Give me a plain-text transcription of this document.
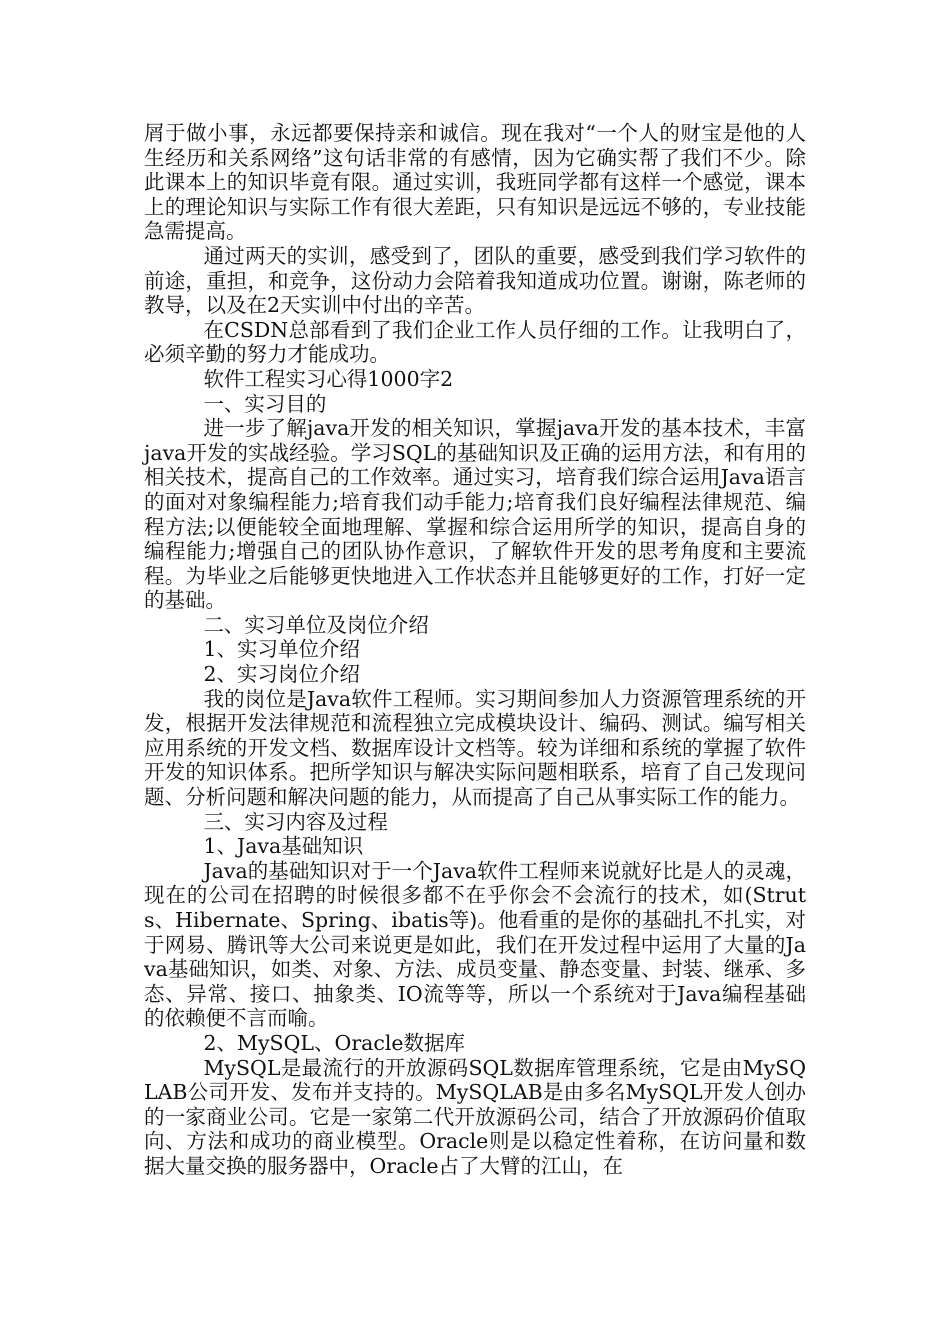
屑于做小事，永远都要保持亲和诚信。现在我对“一个人的财宝是他的人生经历和关系网络”这句话非常的有感情，因为它确实帮了我们不少。除此课本上的知识毕竟有限。通过实训，我班同学都有这样一个感觉，课本上的理论知识与实际工作有很大差距，只有知识是远远不够的，专业技能急需提高。

通过两天的实训，感受到了，团队的重要，感受到我们学习软件的前途，重担，和竞争，这份动力会陪着我知道成功位置。谢谢，陈老师的教导，以及在2天实训中付出的辛苦。

在CSDN总部看到了我们企业工作人员仔细的工作。让我明白了，必须辛勤的努力才能成功。

软件工程实习心得1000字2

一、实习目的

进一步了解java开发的相关知识，掌握java开发的基本技术，丰富java开发的实战经验。学习SQL的基础知识及正确的运用方法，和有用的相关技术，提高自己的工作效率。通过实习，培育我们综合运用Java语言的面对对象编程能力;培育我们动手能力;培育我们良好编程法律规范、编程方法;以便能较全面地理解、掌握和综合运用所学的知识，提高自身的编程能力;增强自己的团队协作意识，了解软件开发的思考角度和主要流程。为毕业之后能够更快地进入工作状态并且能够更好的工作，打好一定的基础。

二、实习单位及岗位介绍

1、实习单位介绍

2、实习岗位介绍

我的岗位是Java软件工程师。实习期间参加人力资源管理系统的开发，根据开发法律规范和流程独立完成模块设计、编码、测试。编写相关应用系统的开发文档、数据库设计文档等。较为详细和系统的掌握了软件开发的知识体系。把所学知识与解决实际问题相联系，培育了自己发现问题、分析问题和解决问题的能力，从而提高了自己从事实际工作的能力。

三、实习内容及过程

1、Java基础知识

Java的基础知识对于一个Java软件工程师来说就好比是人的灵魂，现在的公司在招聘的时候很多都不在乎你会不会流行的技术，如(Struts、Hibernate、Spring、ibatis等)。他看重的是你的基础扎不扎实，对于网易、腾讯等大公司来说更是如此，我们在开发过程中运用了大量的Java基础知识，如类、对象、方法、成员变量、静态变量、封装、继承、多态、异常、接口、抽象类、IO流等等，所以一个系统对于Java编程基础的依赖便不言而喻。

2、MySQL、Oracle数据库

MySQL是最流行的开放源码SQL数据库管理系统，它是由MySQLAB公司开发、发布并支持的。MySQLAB是由多名MySQL开发人创办的一家商业公司。它是一家第二代开放源码公司，结合了开放源码价值取向、方法和成功的商业模型。Oracle则是以稳定性着称，在访问量和数据大量交换的服务器中，Oracle占了大臂的江山，在
